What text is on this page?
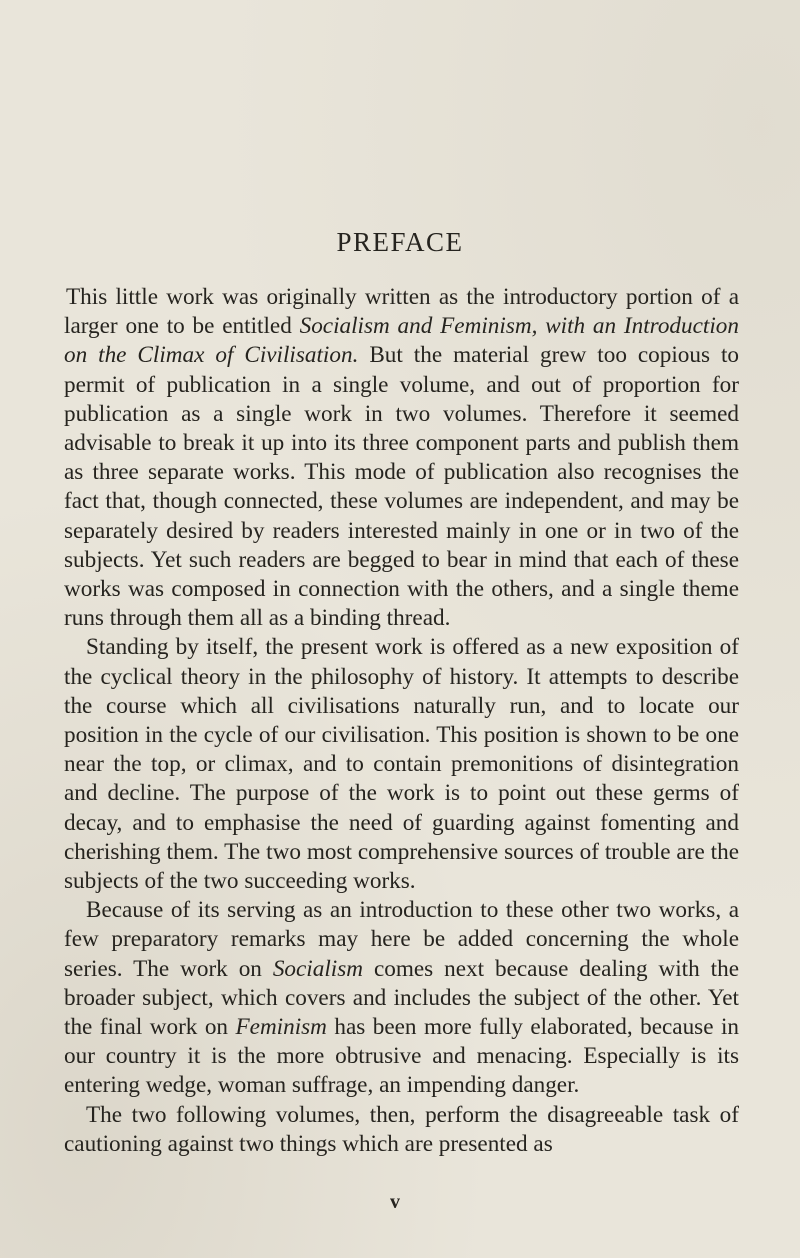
PREFACE

This little work was originally written as the introductory portion of a larger one to be entitled Socialism and Feminism, with an Introduction on the Climax of Civilisation. But the material grew too copious to permit of publication in a single volume, and out of proportion for publication as a single work in two volumes. Therefore it seemed advisable to break it up into its three component parts and publish them as three separate works. This mode of publication also recognises the fact that, though connected, these volumes are independent, and may be separately desired by readers interested mainly in one or in two of the subjects. Yet such readers are begged to bear in mind that each of these works was composed in connection with the others, and a single theme runs through them all as a binding thread.

Standing by itself, the present work is offered as a new exposition of the cyclical theory in the philosophy of history. It attempts to describe the course which all civilisations naturally run, and to locate our position in the cycle of our civilisation. This position is shown to be one near the top, or climax, and to contain premonitions of disintegration and decline. The purpose of the work is to point out these germs of decay, and to emphasise the need of guarding against fomenting and cherishing them. The two most comprehensive sources of trouble are the subjects of the two succeeding works.

Because of its serving as an introduction to these other two works, a few preparatory remarks may here be added concerning the whole series. The work on Socialism comes next because dealing with the broader subject, which covers and includes the subject of the other. Yet the final work on Feminism has been more fully elaborated, because in our country it is the more obtrusive and menacing. Especially is its entering wedge, woman suffrage, an impending danger.

The two following volumes, then, perform the disagreeable task of cautioning against two things which are presented as

v
